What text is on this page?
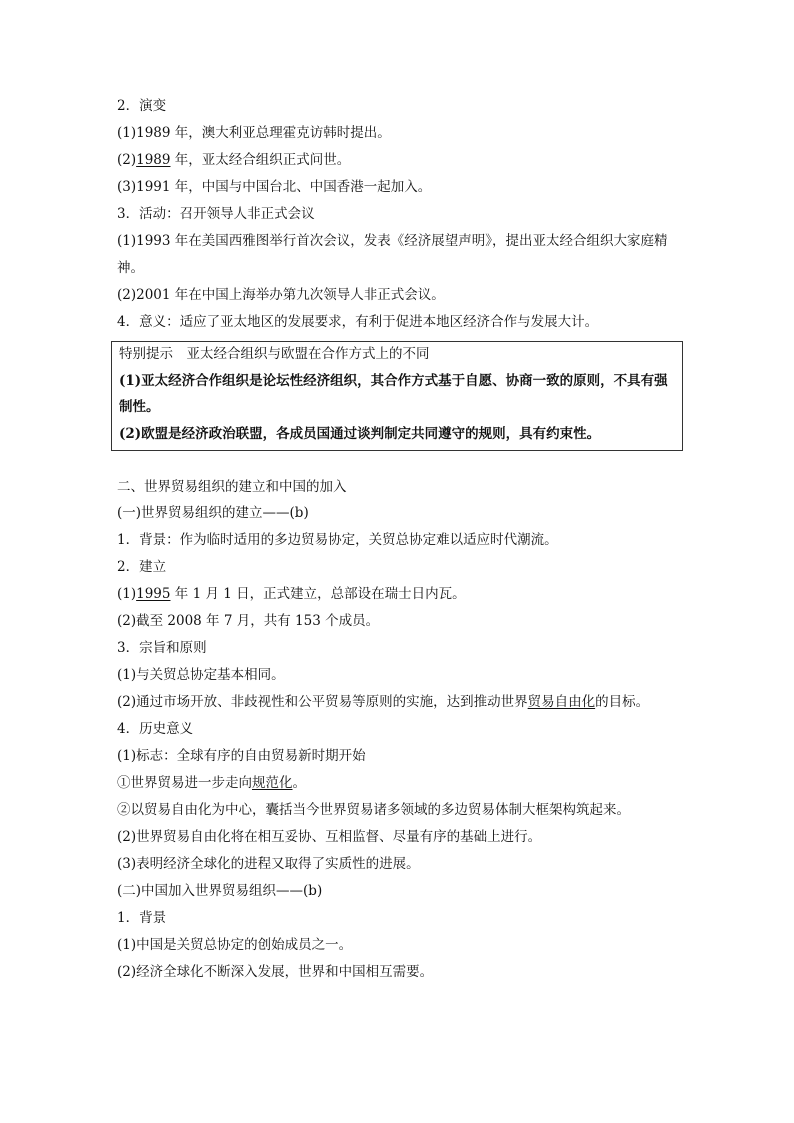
2．演变
(1)1989 年，澳大利亚总理霍克访韩时提出。
(2)1989 年，亚太经合组织正式问世。
(3)1991 年，中国与中国台北、中国香港一起加入。
3．活动：召开领导人非正式会议
(1)1993 年在美国西雅图举行首次会议，发表《经济展望声明》，提出亚太经合组织大家庭精
神。
(2)2001 年在中国上海举办第九次领导人非正式会议。
4．意义：适应了亚太地区的发展要求，有利于促进本地区经济合作与发展大计。
特别提示　亚太经合组织与欧盟在合作方式上的不同
(1)亚太经济合作组织是论坛性经济组织，其合作方式基于自愿、协商一致的原则，不具有强
制性。
(2)欧盟是经济政治联盟，各成员国通过谈判制定共同遵守的规则，具有约束性。
二、世界贸易组织的建立和中国的加入
(一)世界贸易组织的建立——(b)
1．背景：作为临时适用的多边贸易协定，关贸总协定难以适应时代潮流。
2．建立
(1)1995 年 1 月 1 日，正式建立，总部设在瑞士日内瓦。
(2)截至 2008 年 7 月，共有 153 个成员。
3．宗旨和原则
(1)与关贸总协定基本相同。
(2)通过市场开放、非歧视性和公平贸易等原则的实施，达到推动世界贸易自由化的目标。
4．历史意义
(1)标志：全球有序的自由贸易新时期开始
①世界贸易进一步走向规范化。
②以贸易自由化为中心，囊括当今世界贸易诸多领域的多边贸易体制大框架构筑起来。
(2)世界贸易自由化将在相互妥协、互相监督、尽量有序的基础上进行。
(3)表明经济全球化的进程又取得了实质性的进展。
(二)中国加入世界贸易组织——(b)
1．背景
(1)中国是关贸总协定的创始成员之一。
(2)经济全球化不断深入发展，世界和中国相互需要。
